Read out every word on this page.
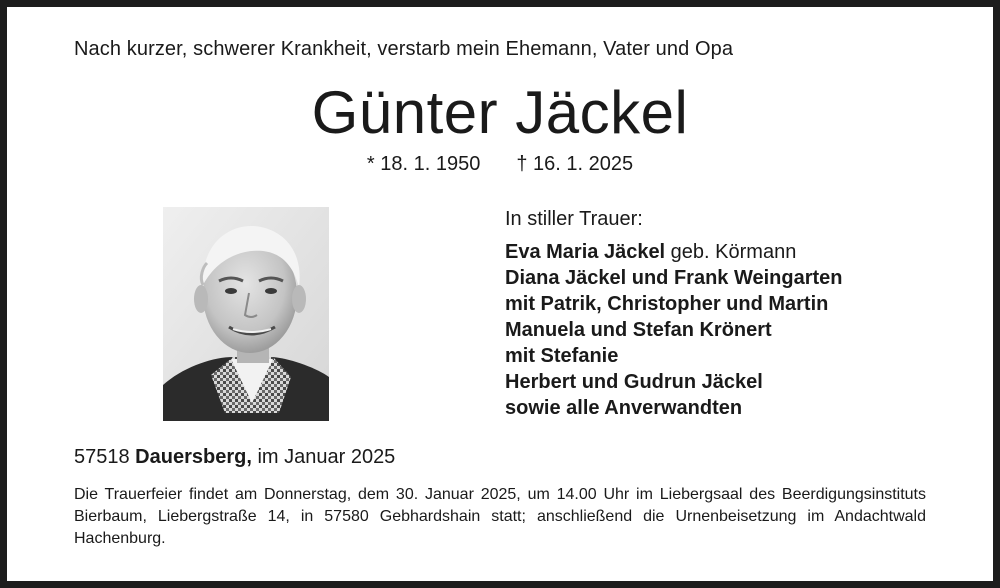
Nach kurzer, schwerer Krankheit, verstarb mein Ehemann, Vater und Opa
Günter Jäckel
* 18. 1. 1950 † 16. 1. 2025
In stiller Trauer:
Eva Maria Jäckel geb. Körmann
Diana Jäckel und Frank Weingarten
mit Patrik, Christopher und Martin
Manuela und Stefan Krönert
mit Stefanie
Herbert und Gudrun Jäckel
sowie alle Anverwandten
57518 Dauersberg, im Januar 2025
Die Trauerfeier findet am Donnerstag, dem 30. Januar 2025, um 14.00 Uhr im Liebergsaal des Beerdigungsinstituts Bierbaum, Liebergstraße 14, in 57580 Gebhardshain statt; anschließend die Urnenbeisetzung im Andachtwald Hachenburg.
